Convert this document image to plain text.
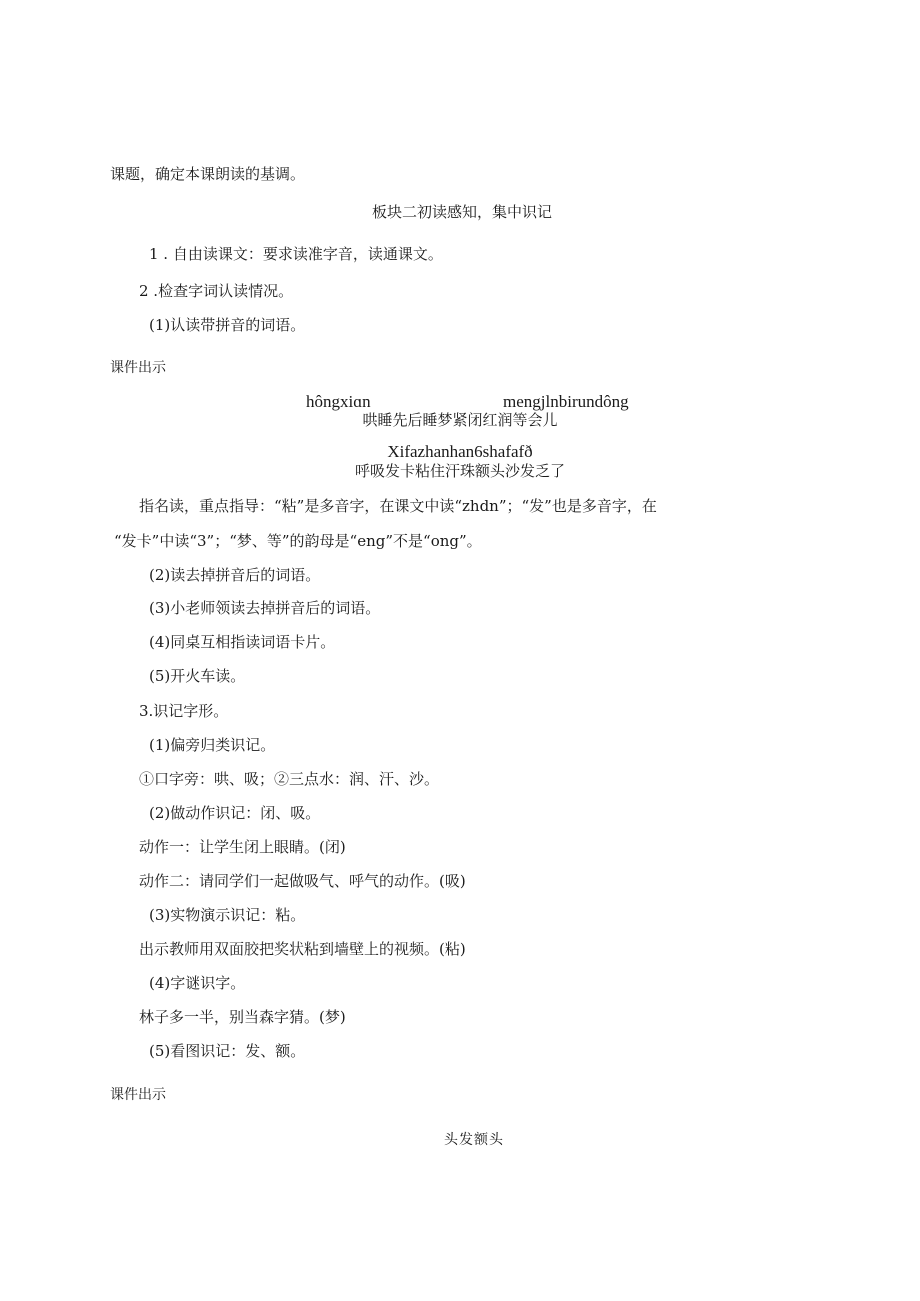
课题，确定本课朗读的基调。
板块二初读感知，集中识记
1 . 自由读课文：要求读准字音，读通课文。
2 .检查字词认读情况。
(1)认读带拼音的词语。
课件出示
hôngxiɑn	mengjlnbirundông
哄睡先后睡梦紧闭红润等会儿
Xifazhanhan6shafafð
呼吸发卡粘住汗珠额头沙发乏了
指名读，重点指导：“粘”是多音字，在课文中读“zhdn”；“发”也是多音字，在
“发卡”中读“3”；“梦、等”的韵母是“eng”不是“ong”。
(2)读去掉拼音后的词语。
(3)小老师领读去掉拼音后的词语。
(4)同桌互相指读词语卡片。
(5)开火车读。
3.识记字形。
(1)偏旁归类识记。
①口字旁：哄、吸；②三点水：润、汗、沙。
(2)做动作识记：闭、吸。
动作一：让学生闭上眼睛。(闭)
动作二：请同学们一起做吸气、呼气的动作。(吸)
(3)实物演示识记：粘。
出示教师用双面胶把奖状粘到墙壁上的视频。(粘)
(4)字谜识字。
林子多一半，别当森字猜。(梦)
(5)看图识记：发、额。
课件出示
头发额头
